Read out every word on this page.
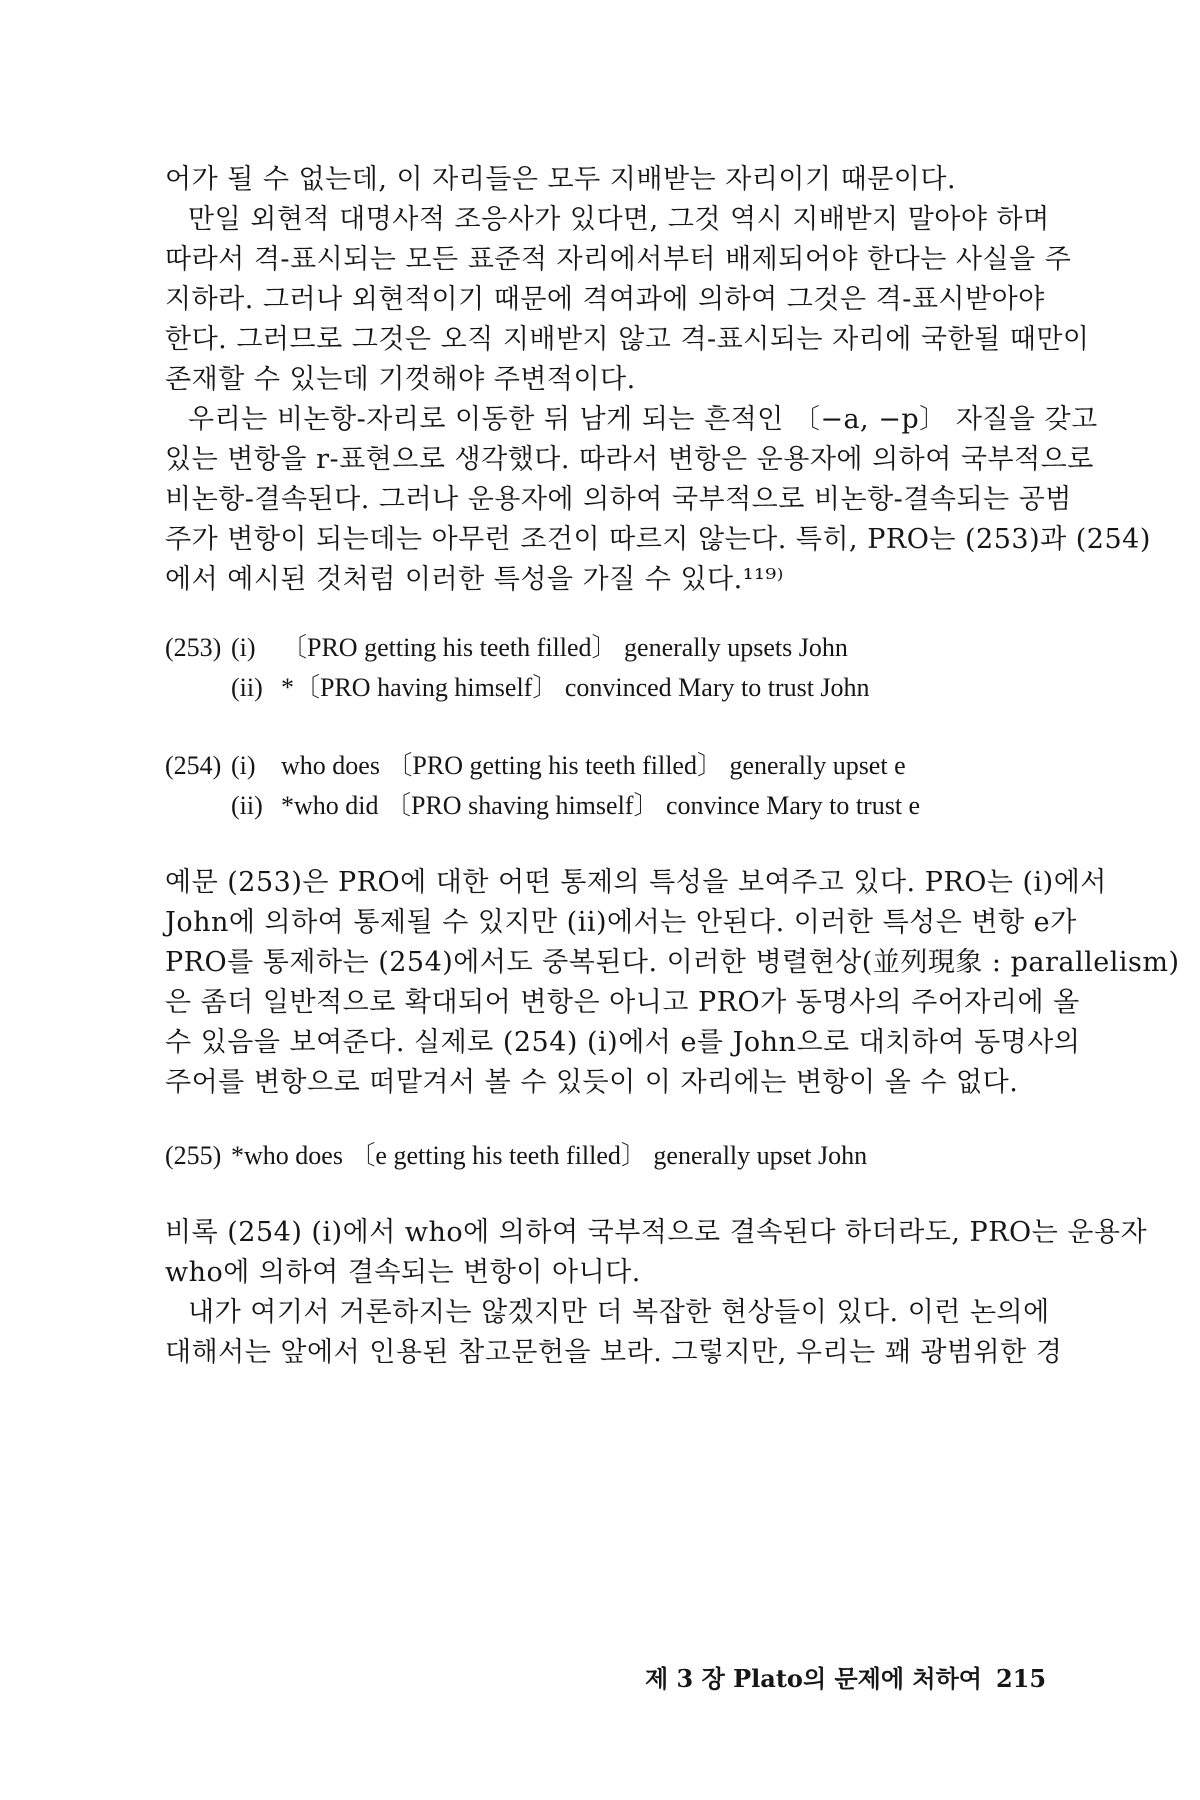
어가 될 수 없는데, 이 자리들은 모두 지배받는 자리이기 때문이다.
만일 외현적 대명사적 조응사가 있다면, 그것 역시 지배받지 말아야 하며
따라서 격-표시되는 모든 표준적 자리에서부터 배제되어야 한다는 사실을 주
지하라. 그러나 외현적이기 때문에 격여과에 의하여 그것은 격-표시받아야
한다. 그러므로 그것은 오직 지배받지 않고 격-표시되는 자리에 국한될 때만이
존재할 수 있는데 기껏해야 주변적이다.
우리는 비논항-자리로 이동한 뒤 남게 되는 흔적인 〔−a, −p〕 자질을 갖고
있는 변항을 r-표현으로 생각했다. 따라서 변항은 운용자에 의하여 국부적으로
비논항-결속된다. 그러나 운용자에 의하여 국부적으로 비논항-결속되는 공범
주가 변항이 되는데는 아무런 조건이 따르지 않는다. 특히, PRO는 (253)과 (254)
에서 예시된 것처럼 이러한 특성을 가질 수 있다.¹¹⁹⁾
(253) (i) 〔PRO getting his teeth filled〕 generally upsets John
(ii) *〔PRO having himself〕 convinced Mary to trust John
(254) (i) who does 〔PRO getting his teeth filled〕 generally upset e
(ii) *who did 〔PRO shaving himself〕 convince Mary to trust e
예문 (253)은 PRO에 대한 어떤 통제의 특성을 보여주고 있다. PRO는 (i)에서
John에 의하여 통제될 수 있지만 (ii)에서는 안된다. 이러한 특성은 변항 e가
PRO를 통제하는 (254)에서도 중복된다. 이러한 병렬현상(並列現象 : parallelism)
은 좀더 일반적으로 확대되어 변항은 아니고 PRO가 동명사의 주어자리에 올
수 있음을 보여준다. 실제로 (254) (i)에서 e를 John으로 대치하여 동명사의
주어를 변항으로 떠맡겨서 볼 수 있듯이 이 자리에는 변항이 올 수 없다.
(255) *who does 〔e getting his teeth filled〕 generally upset John
비록 (254) (i)에서 who에 의하여 국부적으로 결속된다 하더라도, PRO는 운용자
who에 의하여 결속되는 변항이 아니다.
내가 여기서 거론하지는 않겠지만 더 복잡한 현상들이 있다. 이런 논의에
대해서는 앞에서 인용된 참고문헌을 보라. 그렇지만, 우리는 꽤 광범위한 경
제 3 장 Plato의 문제에 처하여 215
